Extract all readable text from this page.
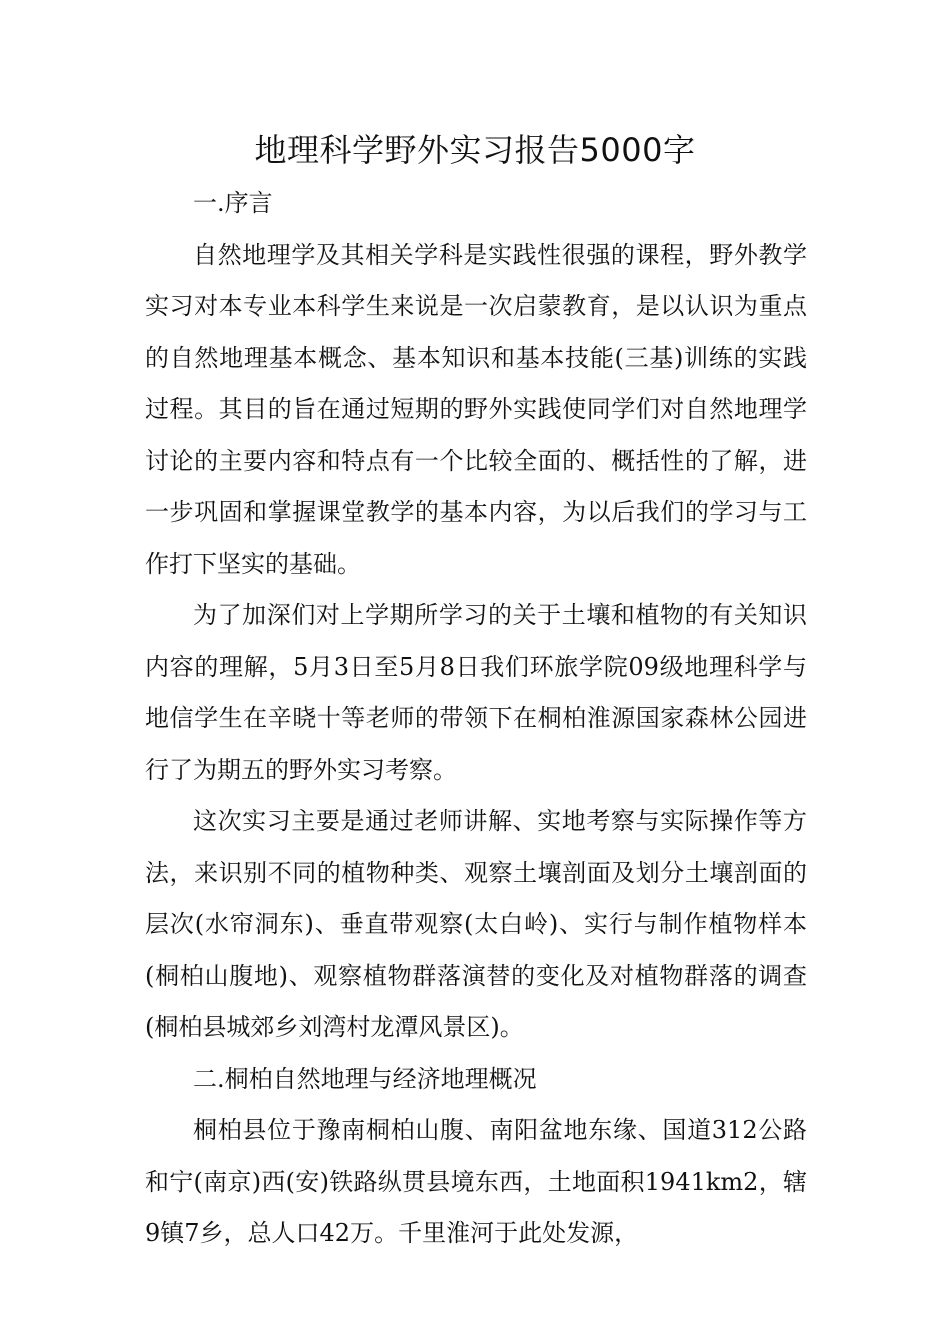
地理科学野外实习报告5000字

一.序言

自然地理学及其相关学科是实践性很强的课程，野外教学实习对本专业本科学生来说是一次启蒙教育，是以认识为重点的自然地理基本概念、基本知识和基本技能(三基)训练的实践过程。其目的旨在通过短期的野外实践使同学们对自然地理学讨论的主要内容和特点有一个比较全面的、概括性的了解，进一步巩固和掌握课堂教学的基本内容，为以后我们的学习与工作打下坚实的基础。

为了加深们对上学期所学习的关于土壤和植物的有关知识内容的理解，5月3日至5月8日我们环旅学院09级地理科学与地信学生在辛晓十等老师的带领下在桐柏淮源国家森林公园进行了为期五的野外实习考察。

这次实习主要是通过老师讲解、实地考察与实际操作等方法，来识别不同的植物种类、观察土壤剖面及划分土壤剖面的层次(水帘洞东)、垂直带观察(太白岭)、实行与制作植物样本(桐柏山腹地)、观察植物群落演替的变化及对植物群落的调查(桐柏县城郊乡刘湾村龙潭风景区)。

二.桐柏自然地理与经济地理概况

桐柏县位于豫南桐柏山腹、南阳盆地东缘、国道312公路和宁(南京)西(安)铁路纵贯县境东西，土地面积1941km2，辖9镇7乡，总人口42万。千里淮河于此处发源，
